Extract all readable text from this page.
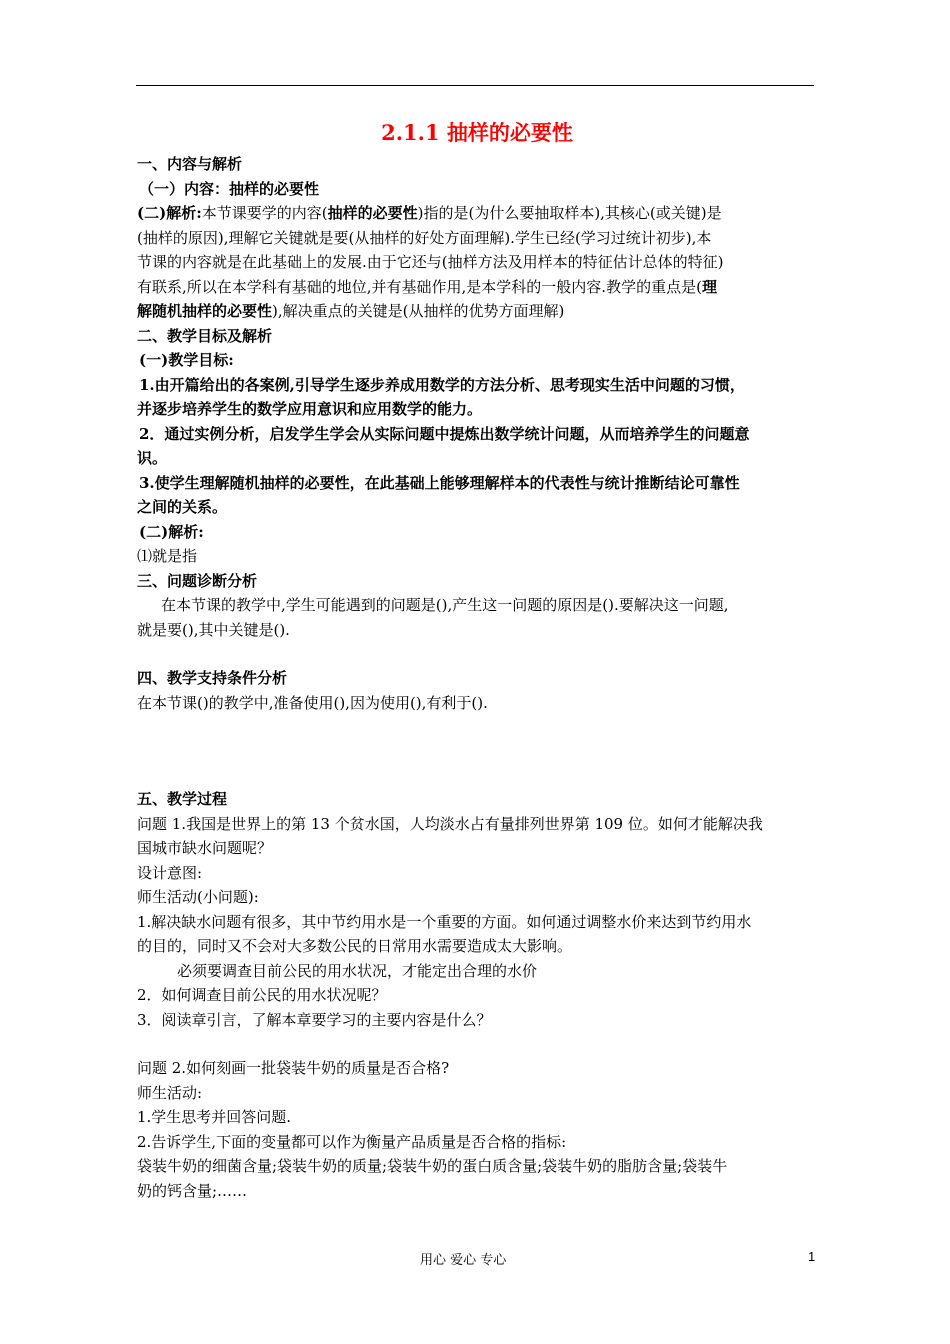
2.1.1 抽样的必要性
一、内容与解析
（一）内容：抽样的必要性
(二)解析:本节课要学的内容(抽样的必要性)指的是(为什么要抽取样本),其核心(或关键)是
(抽样的原因),理解它关键就是要(从抽样的好处方面理解).学生已经(学习过统计初步),本
节课的内容就是在此基础上的发展.由于它还与(抽样方法及用样本的特征估计总体的特征)
有联系,所以在本学科有基础的地位,并有基础作用,是本学科的一般内容.教学的重点是(理
解随机抽样的必要性),解决重点的关键是(从抽样的优势方面理解)
二、教学目标及解析
(一)教学目标:
1.由开篇给出的各案例,引导学生逐步养成用数学的方法分析、思考现实生活中问题的习惯，
并逐步培养学生的数学应用意识和应用数学的能力。
2．通过实例分析，启发学生学会从实际问题中提炼出数学统计问题，从而培养学生的问题意
识。
3.使学生理解随机抽样的必要性，在此基础上能够理解样本的代表性与统计推断结论可靠性
之间的关系。
(二)解析:
⑴就是指
三、问题诊断分析
在本节课的教学中,学生可能遇到的问题是(),产生这一问题的原因是().要解决这一问题,
就是要(),其中关键是().
四、教学支持条件分析
在本节课()的教学中,准备使用(),因为使用(),有利于().
五、教学过程
问题 1.我国是世界上的第 13 个贫水国，人均淡水占有量排列世界第 109 位。如何才能解决我
国城市缺水问题呢？
设计意图:
师生活动(小问题):
1.解决缺水问题有很多，其中节约用水是一个重要的方面。如何通过调整水价来达到节约用水
的目的，同时又不会对大多数公民的日常用水需要造成太大影响。
必须要调查目前公民的用水状况，才能定出合理的水价
2．如何调查目前公民的用水状况呢？
3．阅读章引言，了解本章要学习的主要内容是什么？
问题 2.如何刻画一批袋装牛奶的质量是否合格?
师生活动:
1.学生思考并回答问题.
2.告诉学生,下面的变量都可以作为衡量产品质量是否合格的指标:
袋装牛奶的细菌含量;袋装牛奶的质量;袋装牛奶的蛋白质含量;袋装牛奶的脂肪含量;袋装牛
奶的钙含量;……
用心 爱心 专心	1
